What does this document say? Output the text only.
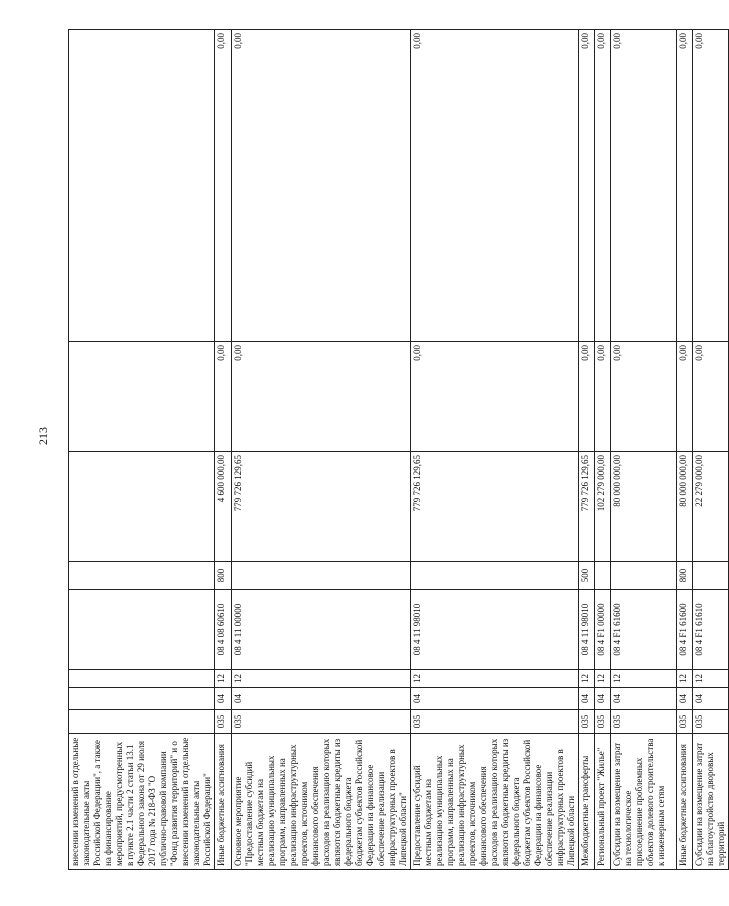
213
внесении изменений в отдельные законодательные акты Российской Федерации", а также на финансирование мероприятий, предусмотренных в пункте 2.1 части 2 статьи 13.1 Федерального закона от 29 июля 2017 года № 218-ФЗ "О публично-правовой компании "Фонд развития территорий" и о внесении изменений в отдельные законодательные акты Российской Федерации"								
Иные бюджетные ассигнования	035	04	12	08 4 08 60610	800	4 600 000,00	0,00	0,00
Основное мероприятие "Предоставление субсидий местным бюджетам на реализацию муниципальных программ, направленных на реализацию инфраструктурных проектов, источником финансового обеспечения расходов на реализацию которых являются бюджетные кредиты из федерального бюджета бюджетам субъектов Российской Федерации на финансовое обеспечение реализации инфраструктурных проектов в Липецкой области"	035	04	12	08 4 11 00000		779 726 129,65	0,00	0,00
Предоставление субсидий местным бюджетам на реализацию муниципальных программ, направленных на реализацию инфраструктурных проектов, источником финансового обеспечения расходов на реализацию которых являются бюджетные кредиты из федерального бюджета бюджетам субъектов Российской Федерации на финансовое обеспечение реализации инфраструктурных проектов в Липецкой области	035	04	12	08 4 11 98010		779 726 129,65	0,00	0,00
Межбюджетные трансферты	035	04	12	08 4 11 98010	500	779 726 129,65	0,00	0,00
Региональный проект "Жилье"	035	04	12	08 4 F1 00000		102 279 000,00	0,00	0,00
Субсидии на возмещение затрат на технологическое присоединение проблемных объектов долевого строительства к инженерным сетям	035	04	12	08 4 F1 61600		80 000 000,00	0,00	0,00
Иные бюджетные ассигнования	035	04	12	08 4 F1 61600	800	80 000 000,00	0,00	0,00
Субсидии на возмещение затрат на благоустройство дворовых территорий	035	04	12	08 4 F1 61610		22 279 000,00	0,00	0,00
